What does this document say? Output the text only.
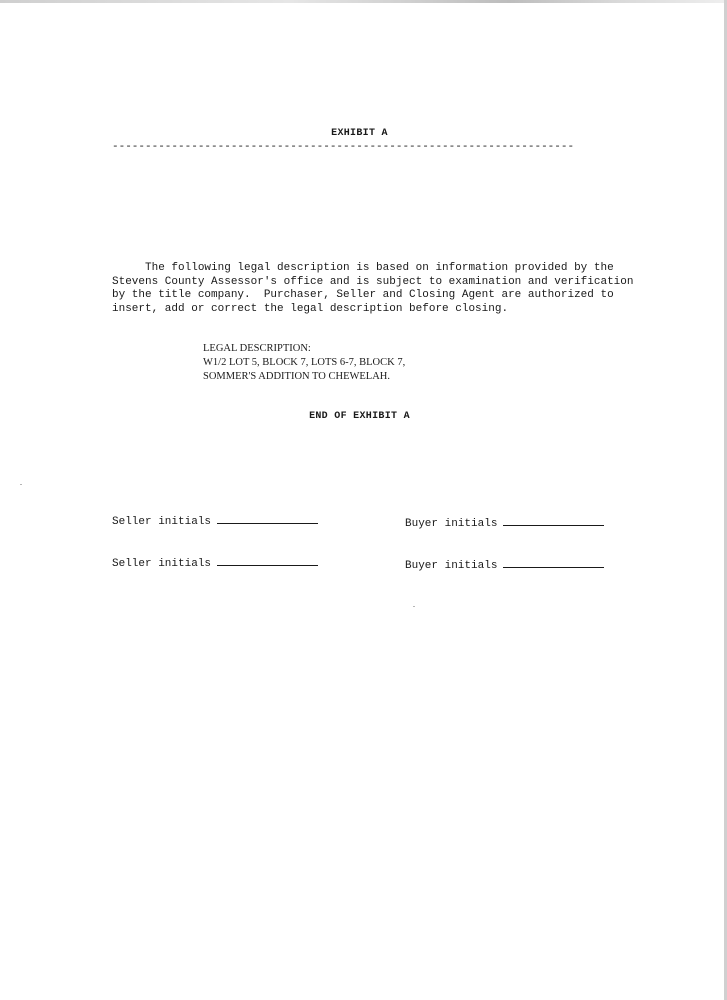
EXHIBIT A
----------------------------------------------------------------------
The following legal description is based on information provided by the
Stevens County Assessor's office and is subject to examination and verification
by the title company.  Purchaser, Seller and Closing Agent are authorized to
insert, add or correct the legal description before closing.
LEGAL DESCRIPTION:
W1/2 LOT 5, BLOCK 7, LOTS 6-7, BLOCK 7,
SOMMER'S ADDITION TO CHEWELAH.
END OF EXHIBIT A
Seller initials	Buyer initials
Seller initials	Buyer initials
